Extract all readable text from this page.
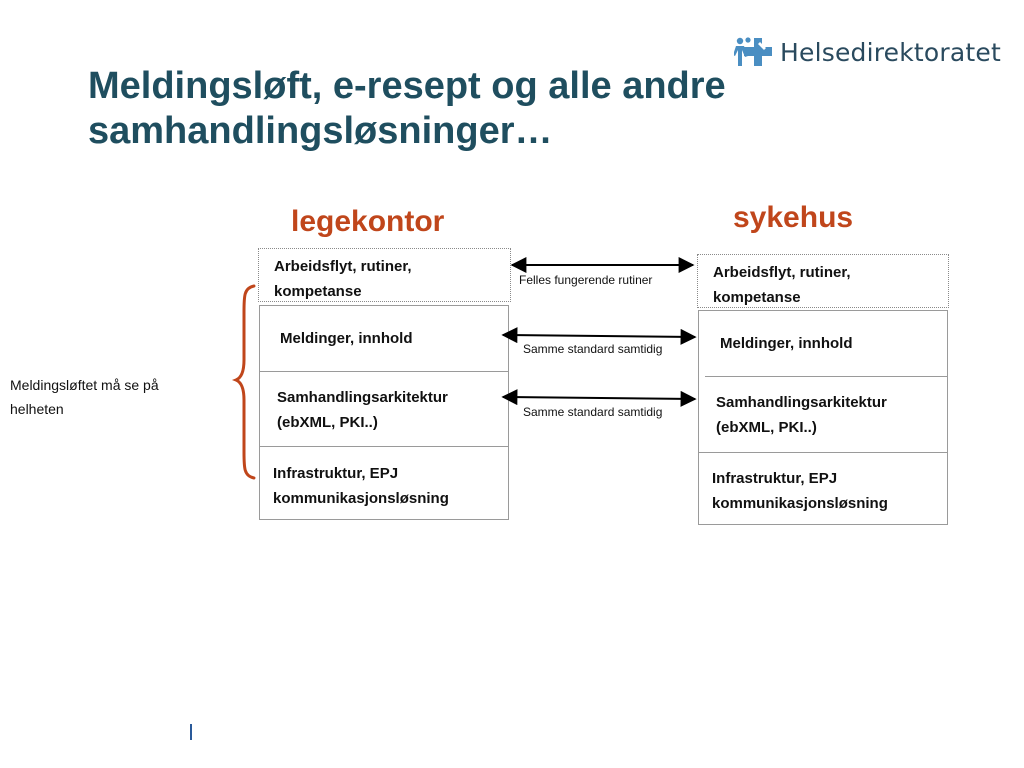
Helsedirektoratet
Meldingsløft, e-resept og alle andre
samhandlingsløsninger…
legekontor	sykehus
Arbeidsflyt, rutiner,
kompetanse
Meldinger, innhold
Samhandlingsarkitektur
(ebXML, PKI..)
Infrastruktur, EPJ
kommunikasjonsløsning
Arbeidsflyt, rutiner,
kompetanse
Meldinger, innhold
Samhandlingsarkitektur
(ebXML, PKI..)
Infrastruktur, EPJ
kommunikasjonsløsning
Felles fungerende rutiner
Samme standard samtidig
Samme standard samtidig
Meldingsløftet må se på
helheten
